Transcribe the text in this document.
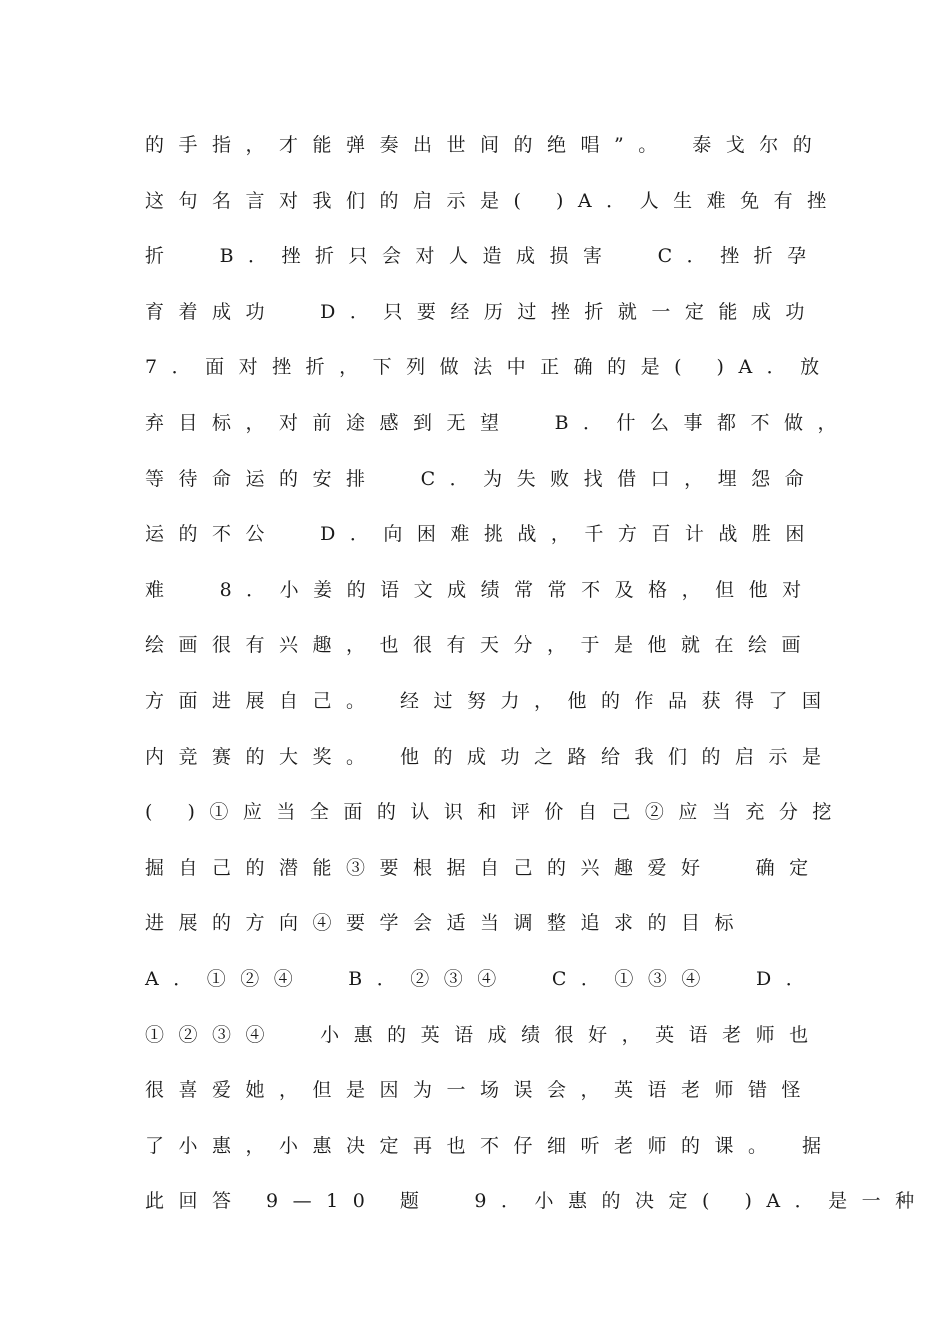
的手指，才能弹奏出世间的绝唱”。 泰戈尔的
这句名言对我们的启示是( )A．人生难免有挫
折  B．挫折只会对人造成损害  C．挫折孕
育着成功  D．只要经历过挫折就一定能成功
7．面对挫折，下列做法中正确的是( )A．放
弃目标，对前途感到无望  B．什么事都不做，
等待命运的安排  C．为失败找借口，埋怨命
运的不公  D．向困难挑战，千方百计战胜困
难  8．小姜的语文成绩常常不及格，但他对
绘画很有兴趣，也很有天分，于是他就在绘画
方面进展自己。 经过努力，他的作品获得了国
内竞赛的大奖。 他的成功之路给我们的启示是
( )①应当全面的认识和评价自己②应当充分挖
掘自己的潜能③要根据自己的兴趣爱好  确定
进展的方向④要学会适当调整追求的目标
A．①②④  B．②③④  C．①③④  D．
①②③④  小惠的英语成绩很好，英语老师也
很喜爱她，但是因为一场误会，英语老师错怪
了小惠，小惠决定再也不仔细听老师的课。 据
此回答 9—10 题  9．小惠的决定( )A．是一种
